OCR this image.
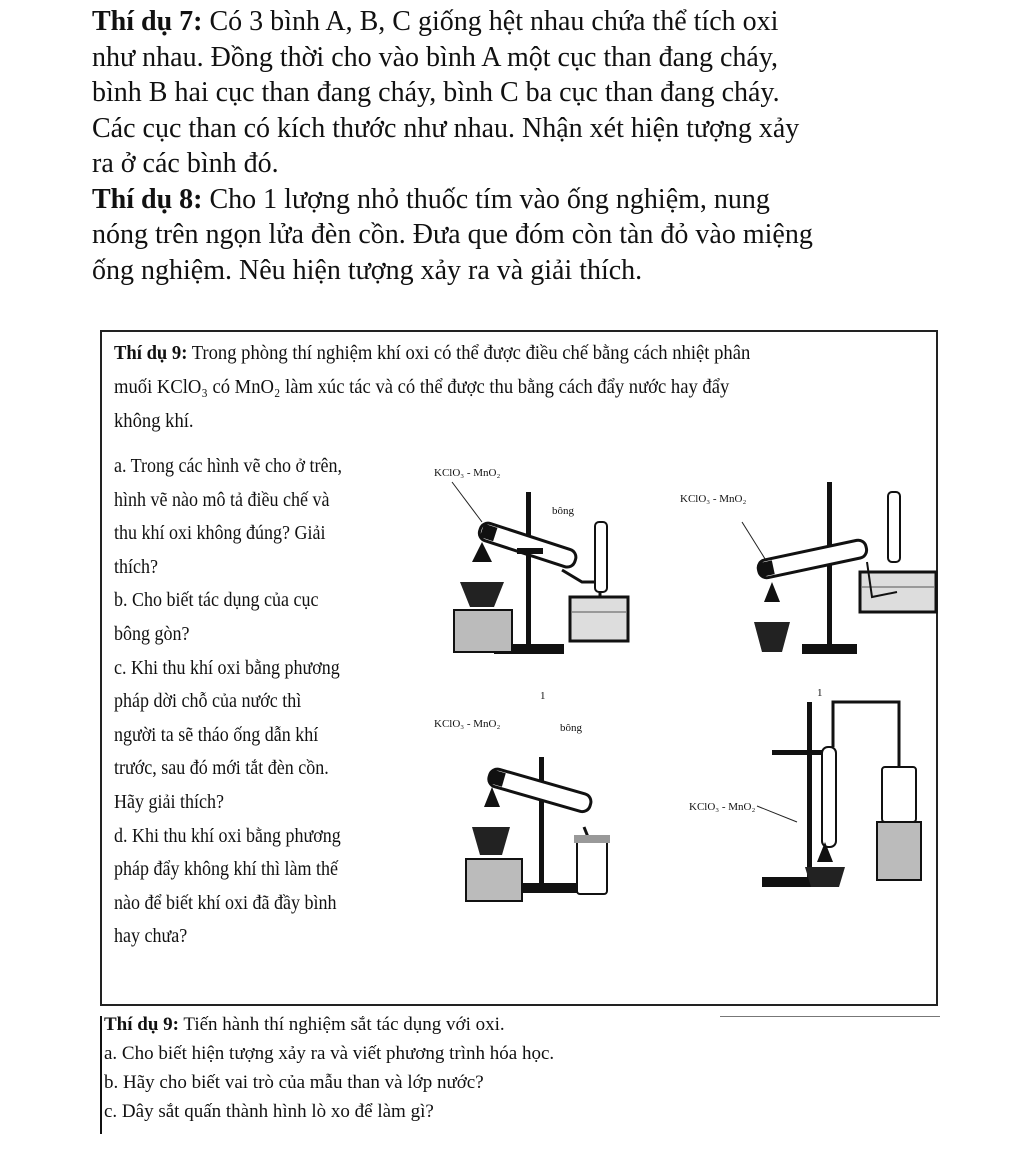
Thí dụ 7: Có 3 bình A, B, C giống hệt nhau chứa thể tích oxi
như nhau. Đồng thời cho vào bình A một cục than đang cháy,
bình B hai cục than đang cháy, bình C ba cục than đang cháy.
Các cục than có kích thước như nhau. Nhận xét hiện tượng xảy
ra ở các bình đó.

Thí dụ 8: Cho 1 lượng nhỏ thuốc tím vào ống nghiệm, nung
nóng trên ngọn lửa đèn cồn. Đưa que đóm còn tàn đỏ vào miệng
ống nghiệm. Nêu hiện tượng xảy ra và giải thích.

Thí dụ 9: Trong phòng thí nghiệm khí oxi có thể được điều chế bằng cách nhiệt phân
muối KClO₃ có MnO₂ làm xúc tác và có thể được thu bằng cách đẩy nước hay đẩy
không khí.
a. Trong các hình vẽ cho ở trên,
hình vẽ nào mô tả điều chế và
thu khí oxi không đúng? Giải
thích?
b. Cho biết tác dụng của cục
bông gòn?
c. Khi thu khí oxi bằng phương
pháp dời chỗ của nước thì
người ta sẽ tháo ống dẫn khí
trước, sau đó mới tắt đèn cồn.
Hãy giải thích?
d. Khi thu khí oxi bằng phương
pháp đẩy không khí thì làm thế
nào để biết khí oxi đã đầy bình
hay chưa?
KClO₃ - MnO₂
bông
KClO₃ - MnO₂
1
KClO₃ - MnO₂	bông
1
KClO₃ - MnO₂
Thí dụ 9: Tiến hành thí nghiệm sắt tác dụng với oxi.
a. Cho biết hiện tượng xảy ra và viết phương trình hóa học.
b. Hãy cho biết vai trò của mẫu than và lớp nước?
c. Dây sắt quấn thành hình lò xo để làm gì?
